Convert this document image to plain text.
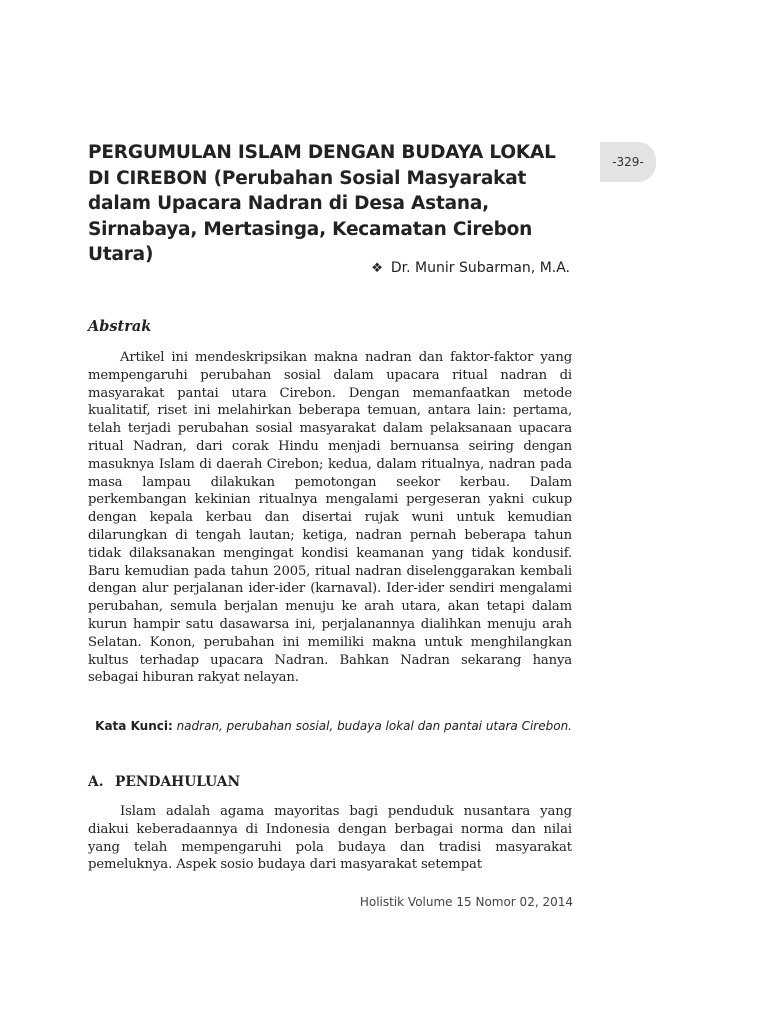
PERGUMULAN ISLAM DENGAN BUDAYA LOKAL DI CIREBON (Perubahan Sosial Masyarakat dalam Upacara Nadran di Desa Astana, Sirnabaya, Mertasinga, Kecamatan Cirebon Utara)
-329-
❖ Dr. Munir Subarman, M.A.
Abstrak

Artikel ini mendeskripsikan makna nadran dan faktor-faktor yang mempengaruhi perubahan sosial dalam upacara ritual nadran di masyarakat pantai utara Cirebon. Dengan memanfaatkan metode kualitatif, riset ini melahirkan beberapa temuan, antara lain: pertama, telah terjadi perubahan sosial masyarakat dalam pelaksanaan upacara ritual Nadran, dari corak Hindu menjadi bernuansa seiring dengan masuknya Islam di daerah Cirebon; kedua, dalam ritualnya, nadran pada masa lampau dilakukan pemotongan seekor kerbau. Dalam perkembangan kekinian ritualnya mengalami pergeseran yakni cukup dengan kepala kerbau dan disertai rujak wuni untuk kemudian dilarungkan di tengah lautan; ketiga, nadran pernah beberapa tahun tidak dilaksanakan mengingat kondisi keamanan yang tidak kondusif. Baru kemudian pada tahun 2005, ritual nadran diselenggarakan kembali dengan alur perjalanan ider-ider (karnaval). Ider-ider sendiri mengalami perubahan, semula berjalan menuju ke arah utara, akan tetapi dalam kurun hampir satu dasawarsa ini, perjalanannya dialihkan menuju arah Selatan. Konon, perubahan ini memiliki makna untuk menghilangkan kultus terhadap upacara Nadran. Bahkan Nadran sekarang hanya sebagai hiburan rakyat nelayan.

Kata Kunci: nadran, perubahan sosial, budaya lokal dan pantai utara Cirebon.
A. PENDAHULUAN

Islam adalah agama mayoritas bagi penduduk nusantara yang diakui keberadaannya di Indonesia dengan berbagai norma dan nilai yang telah mempengaruhi pola budaya dan tradisi masyarakat pemeluknya. Aspek sosio budaya dari masyarakat setempat

Holistik Volume 15 Nomor 02, 2014
